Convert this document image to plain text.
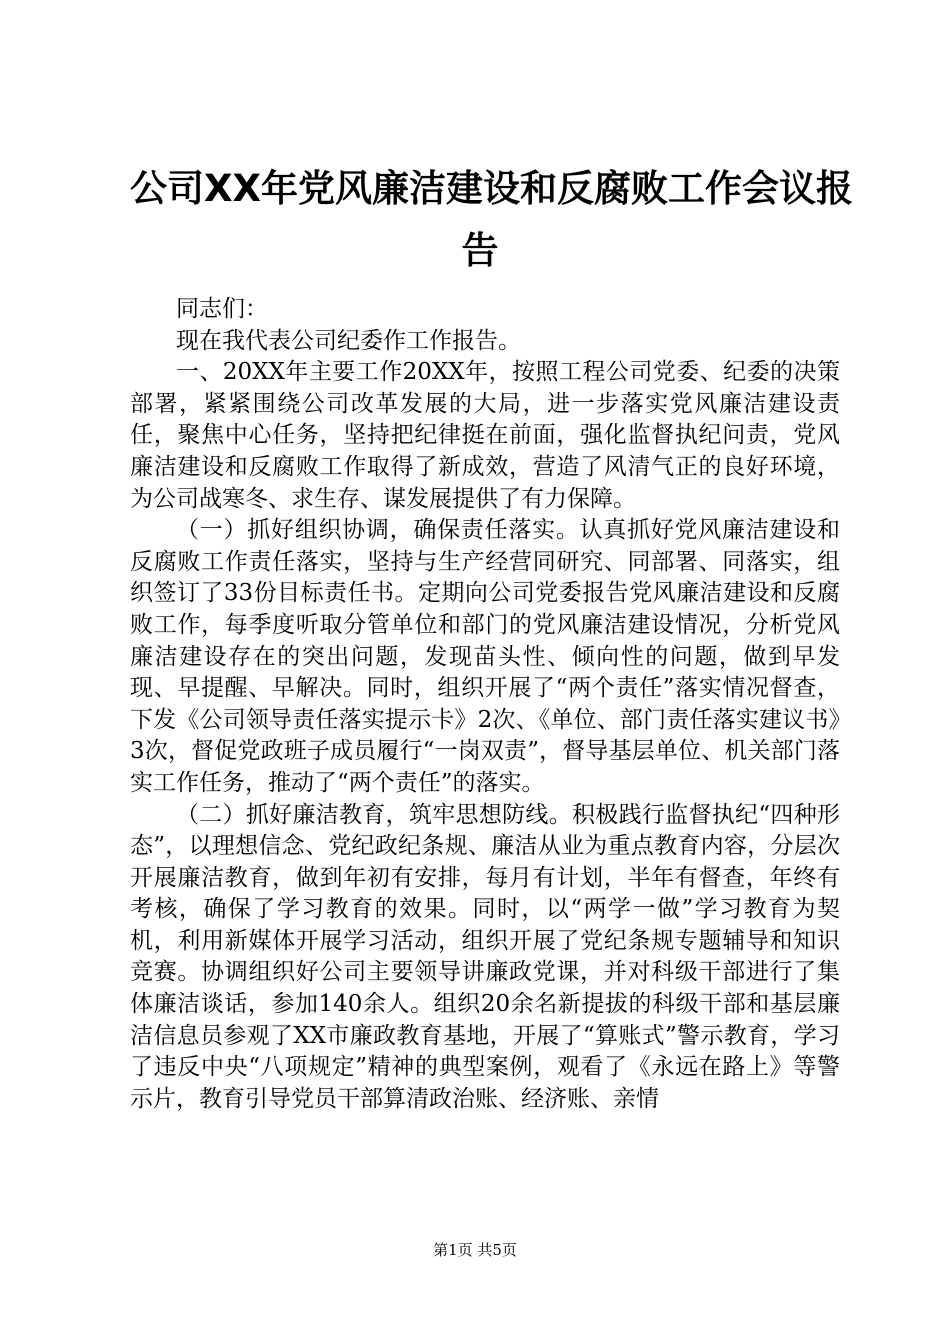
公司XX年党风廉洁建设和反腐败工作会议报
告

同志们：

现在我代表公司纪委作工作报告。

一、20XX年主要工作20XX年，按照工程公司党委、纪委的决策部署，紧紧围绕公司改革发展的大局，进一步落实党风廉洁建设责任，聚焦中心任务，坚持把纪律挺在前面，强化监督执纪问责，党风廉洁建设和反腐败工作取得了新成效，营造了风清气正的良好环境，为公司战寒冬、求生存、谋发展提供了有力保障。

（一）抓好组织协调，确保责任落实。认真抓好党风廉洁建设和反腐败工作责任落实，坚持与生产经营同研究、同部署、同落实，组织签订了33份目标责任书。定期向公司党委报告党风廉洁建设和反腐败工作，每季度听取分管单位和部门的党风廉洁建设情况，分析党风廉洁建设存在的突出问题，发现苗头性、倾向性的问题，做到早发现、早提醒、早解决。同时，组织开展了“两个责任”落实情况督查，下发《公司领导责任落实提示卡》2次、《单位、部门责任落实建议书》3次，督促党政班子成员履行“一岗双责”，督导基层单位、机关部门落实工作任务，推动了“两个责任”的落实。

（二）抓好廉洁教育，筑牢思想防线。积极践行监督执纪“四种形态”，以理想信念、党纪政纪条规、廉洁从业为重点教育内容，分层次开展廉洁教育，做到年初有安排，每月有计划，半年有督查，年终有考核，确保了学习教育的效果。同时，以“两学一做”学习教育为契机，利用新媒体开展学习活动，组织开展了党纪条规专题辅导和知识竞赛。协调组织好公司主要领导讲廉政党课，并对科级干部进行了集体廉洁谈话，参加140余人。组织20余名新提拔的科级干部和基层廉洁信息员参观了XX市廉政教育基地，开展了“算账式”警示教育，学习了违反中央“八项规定”精神的典型案例，观看了《永远在路上》等警示片，教育引导党员干部算清政治账、经济账、亲情

第1页 共5页
